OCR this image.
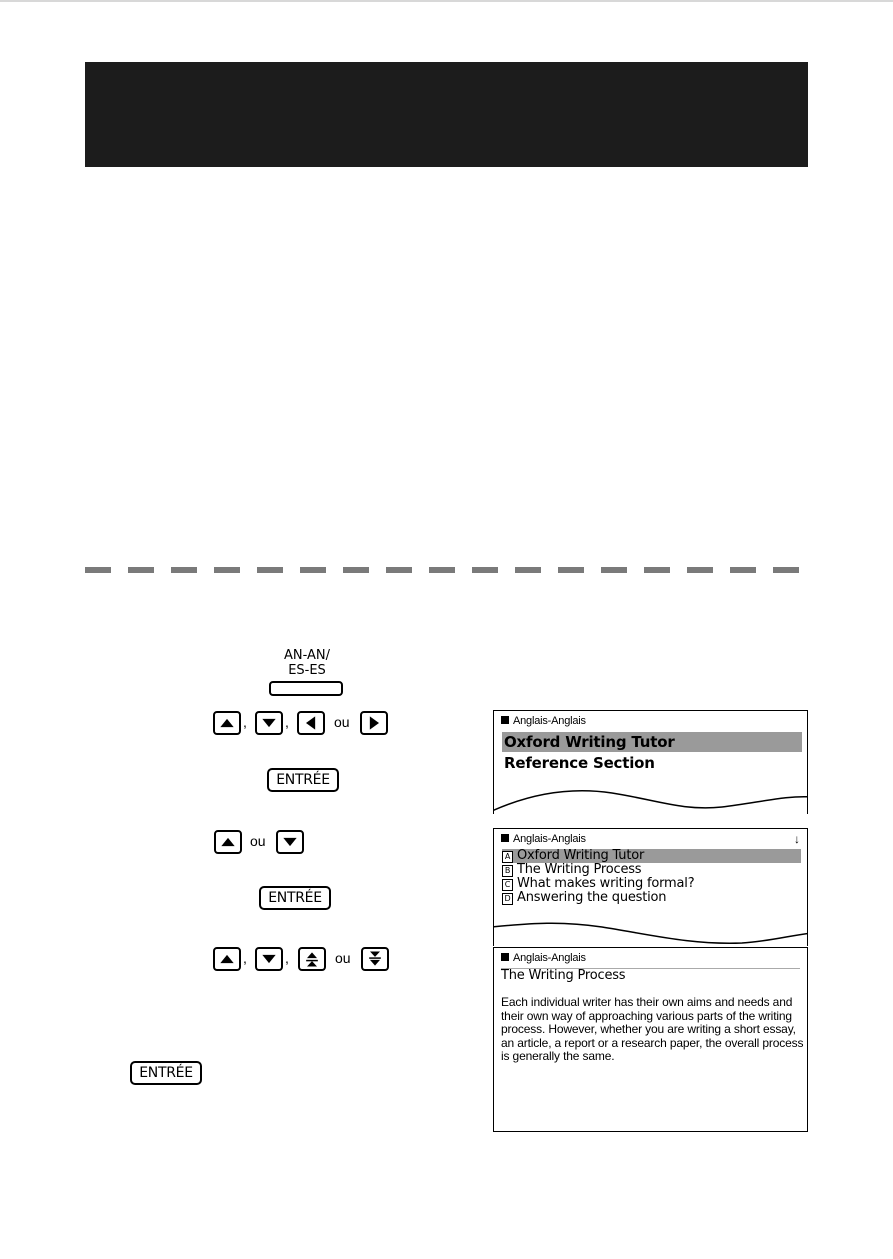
AN-AN/
ES-ES
,	,
ENTRÉE
ENTRÉE
,	,
ENTRÉE
Anglais-Anglais
Oxford Writing Tutor
Reference Section
Anglais-Anglais	↓
A Oxford Writing Tutor
B The Writing Process
C What makes writing formal?
D Answering the question
Anglais-Anglais
The Writing Process
Each individual writer has their own aims and needs and their own way of approaching various parts of the writing process. However, whether you are writing a short essay, an article, a report or a research paper, the overall process is generally the same.
ou
ou
ou
